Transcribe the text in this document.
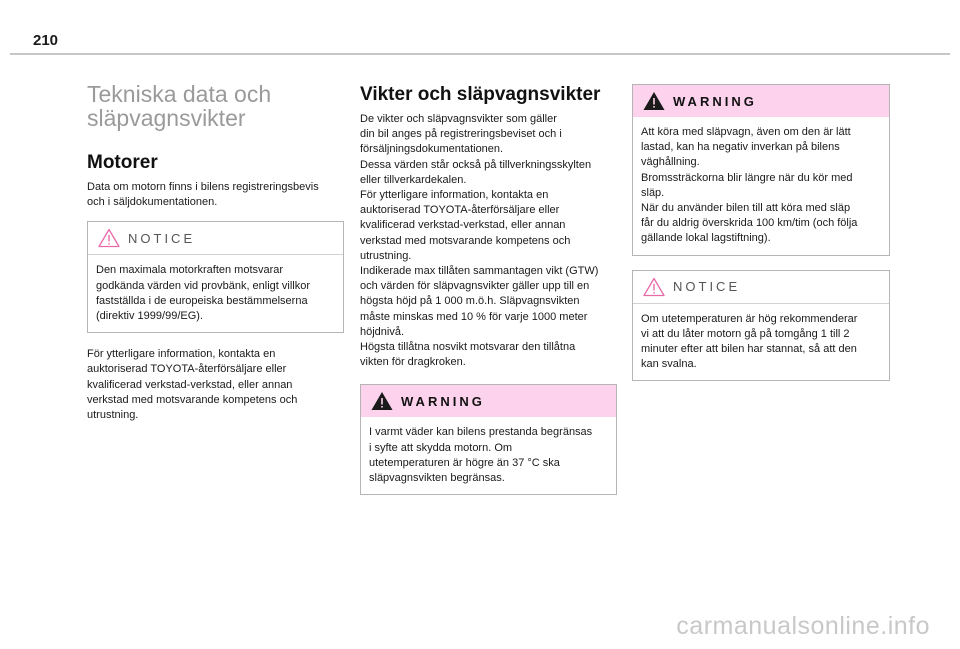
210
Tekniska data och
släpvagnsvikter
Motorer

Data om motorn finns i bilens registreringsbevis
och i säljdokumentationen.

NOTICE
Den maximala motorkraften motsvarar
godkända värden vid provbänk, enligt villkor
fastställda i de europeiska bestämmelserna
(direktiv 1999/99/EG).

För ytterligare information, kontakta en
auktoriserad TOYOTA-återförsäljare eller
kvalificerad verkstad-verkstad, eller annan
verkstad med motsvarande kompetens och
utrustning.

Vikter och släpvagnsvikter

De vikter och släpvagnsvikter som gäller
din bil anges på registreringsbeviset och i
försäljningsdokumentationen.
Dessa värden står också på tillverkningsskylten
eller tillverkardekalen.
För ytterligare information, kontakta en
auktoriserad TOYOTA-återförsäljare eller
kvalificerad verkstad-verkstad, eller annan
verkstad med motsvarande kompetens och
utrustning.
Indikerade max tillåten sammantagen vikt (GTW)
och värden för släpvagnsvikter gäller upp till en
högsta höjd på 1 000 m.ö.h. Släpvagnsvikten
måste minskas med 10 % för varje 1000 meter
höjdnivå.
Högsta tillåtna nosvikt motsvarar den tillåtna
vikten för dragkroken.

WARNING
I varmt väder kan bilens prestanda begränsas
i syfte att skydda motorn. Om
utetemperaturen är högre än 37 °C ska
släpvagnsvikten begränsas.
WARNING
Att köra med släpvagn, även om den är lätt
lastad, kan ha negativ inverkan på bilens
väghållning.
Bromssträckorna blir längre när du kör med
släp.
När du använder bilen till att köra med släp
får du aldrig överskrida 100 km/tim (och följa
gällande lokal lagstiftning).
NOTICE
Om utetemperaturen är hög rekommenderar
vi att du låter motorn gå på tomgång 1 till 2
minuter efter att bilen har stannat, så att den
kan svalna.
carmanualsonline.info
